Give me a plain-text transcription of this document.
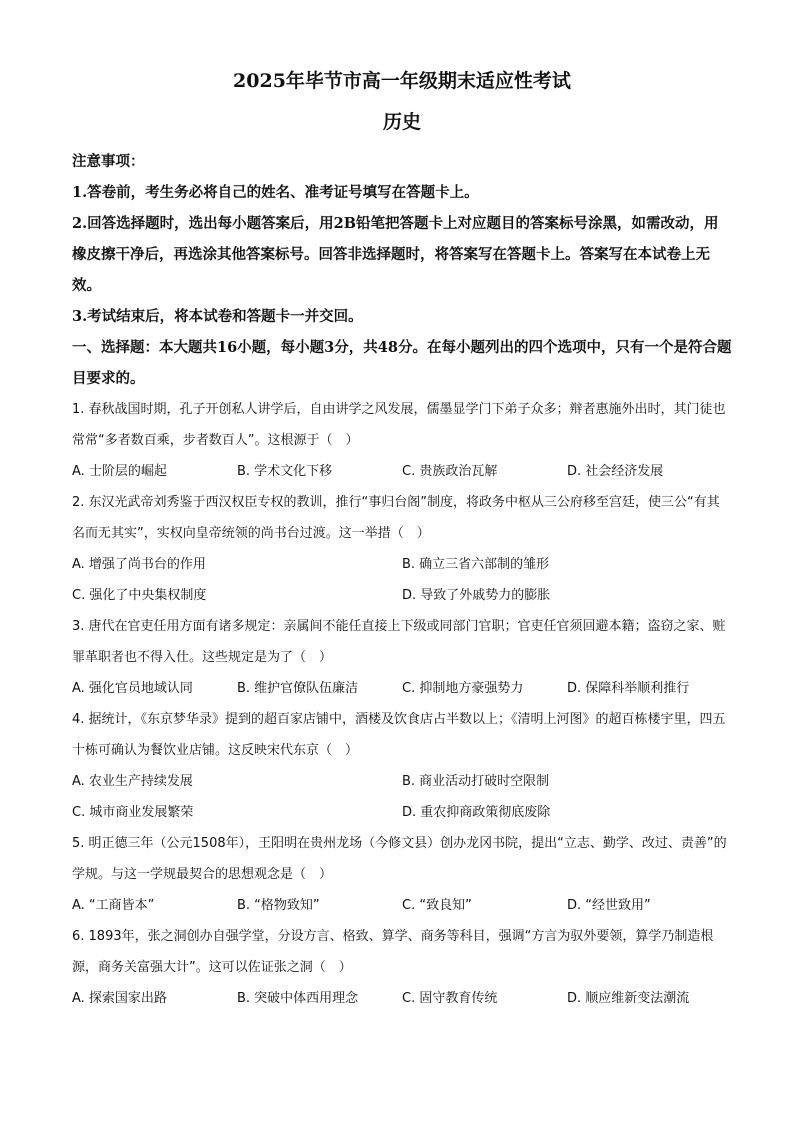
2025年毕节市高一年级期末适应性考试

历史

注意事项：

1.答卷前，考生务必将自己的姓名、准考证号填写在答题卡上。

2.回答选择题时，选出每小题答案后，用2B铅笔把答题卡上对应题目的答案标号涂黑，如需改动，用橡皮擦干净后，再选涂其他答案标号。回答非选择题时，将答案写在答题卡上。答案写在本试卷上无效。

3.考试结束后，将本试卷和答题卡一并交回。

一、选择题：本大题共16小题，每小题3分，共48分。在每小题列出的四个选项中，只有一个是符合题目要求的。

1. 春秋战国时期，孔子开创私人讲学后，自由讲学之风发展，儒墨显学门下弟子众多；辩者惠施外出时，其门徒也常常“多者数百乘，步者数百人”。这根源于（　）

A. 士阶层的崛起	B. 学术文化下移	C. 贵族政治瓦解	D. 社会经济发展

2. 东汉光武帝刘秀鉴于西汉权臣专权的教训，推行“事归台阁”制度，将政务中枢从三公府移至宫廷，使三公“有其名而无其实”，实权向皇帝统领的尚书台过渡。这一举措（　）

A. 增强了尚书台的作用	B. 确立三省六部制的雏形
C. 强化了中央集权制度	D. 导致了外戚势力的膨胀

3. 唐代在官吏任用方面有诸多规定：亲属间不能任直接上下级或同部门官职；官吏任官须回避本籍；盗窃之家、赃罪革职者也不得入仕。这些规定是为了（　）

A. 强化官员地域认同	B. 维护官僚队伍廉洁	C. 抑制地方豪强势力	D. 保障科举顺利推行

4. 据统计，《东京梦华录》提到的超百家店铺中，酒楼及饮食店占半数以上；《清明上河图》的超百栋楼宇里，四五十栋可确认为餐饮业店铺。这反映宋代东京（　）

A. 农业生产持续发展	B. 商业活动打破时空限制
C. 城市商业发展繁荣	D. 重农抑商政策彻底废除

5. 明正德三年（公元1508年），王阳明在贵州龙场（今修文县）创办龙冈书院，提出“立志、勤学、改过、责善”的学规。与这一学规最契合的思想观念是（　）

A. “工商皆本”	B. “格物致知”	C. “致良知”	D. “经世致用”

6. 1893年，张之洞创办自强学堂，分设方言、格致、算学、商务等科目，强调“方言为驭外要领，算学乃制造根源，商务关富强大计”。这可以佐证张之洞（　）

A. 探索国家出路	B. 突破中体西用理念	C. 固守教育传统	D. 顺应维新变法潮流
